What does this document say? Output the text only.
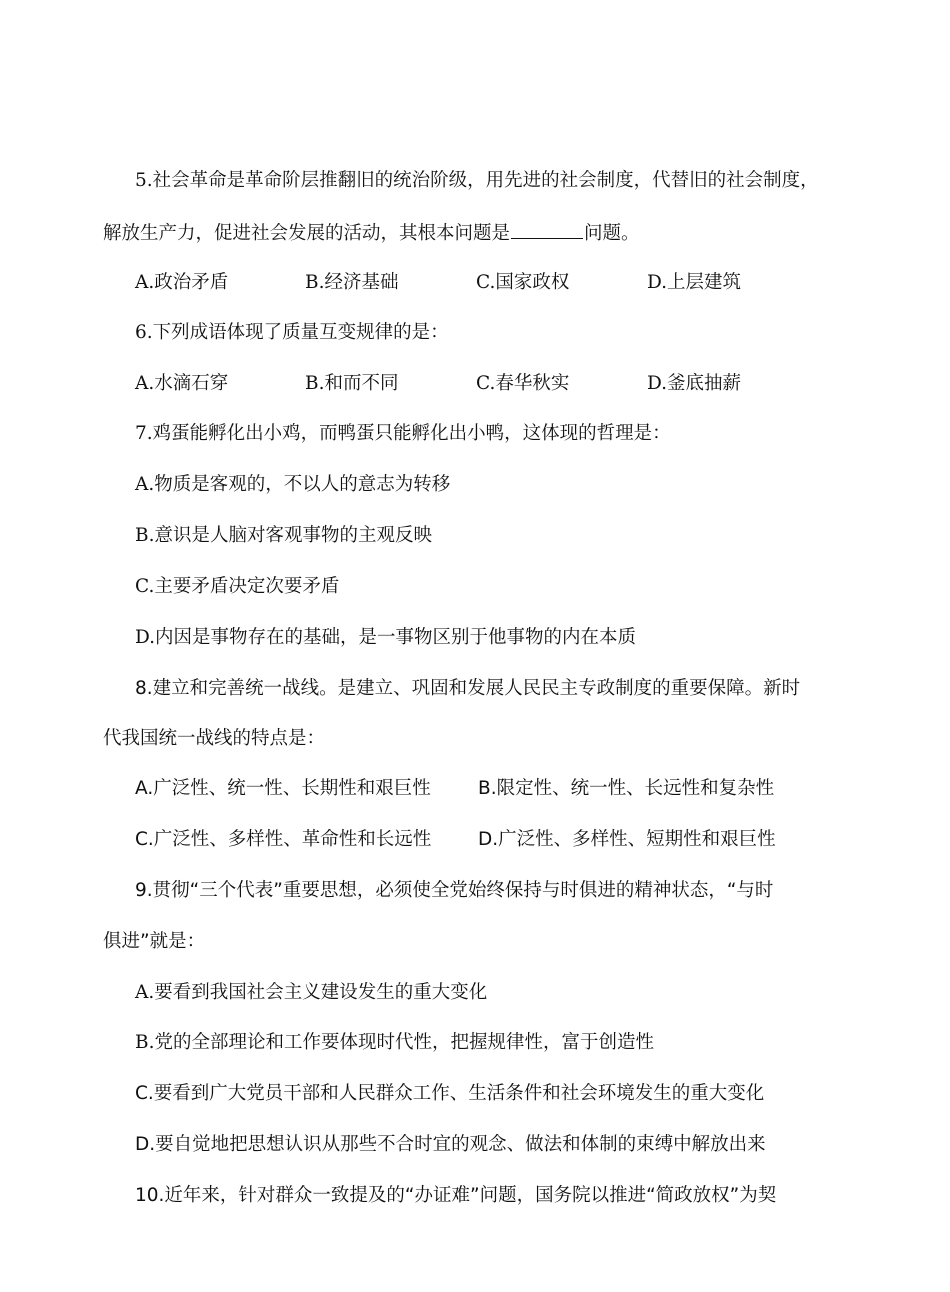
5.社会革命是革命阶层推翻旧的统治阶级，用先进的社会制度，代替旧的社会制度，
解放生产力，促进社会发展的活动，其根本问题是	问题。
A.政治矛盾	B.经济基础	C.国家政权	D.上层建筑
6.下列成语体现了质量互变规律的是：
A.水滴石穿	B.和而不同	C.春华秋实	D.釜底抽薪
7.鸡蛋能孵化出小鸡，而鸭蛋只能孵化出小鸭，这体现的哲理是：
A.物质是客观的，不以人的意志为转移
B.意识是人脑对客观事物的主观反映
C.主要矛盾决定次要矛盾
D.内因是事物存在的基础，是一事物区别于他事物的内在本质
8.建立和完善统一战线。是建立、巩固和发展人民民主专政制度的重要保障。新时
代我国统一战线的特点是：
A.广泛性、统一性、长期性和艰巨性	B.限定性、统一性、长远性和复杂性
C.广泛性、多样性、革命性和长远性	D.广泛性、多样性、短期性和艰巨性
9.贯彻“三个代表”重要思想，必须使全党始终保持与时俱进的精神状态，“与时
俱进”就是：
A.要看到我国社会主义建设发生的重大变化
B.党的全部理论和工作要体现时代性，把握规律性，富于创造性
C.要看到广大党员干部和人民群众工作、生活条件和社会环境发生的重大变化
D.要自觉地把思想认识从那些不合时宜的观念、做法和体制的束缚中解放出来
10.近年来，针对群众一致提及的“办证难”问题，国务院以推进“简政放权”为契
